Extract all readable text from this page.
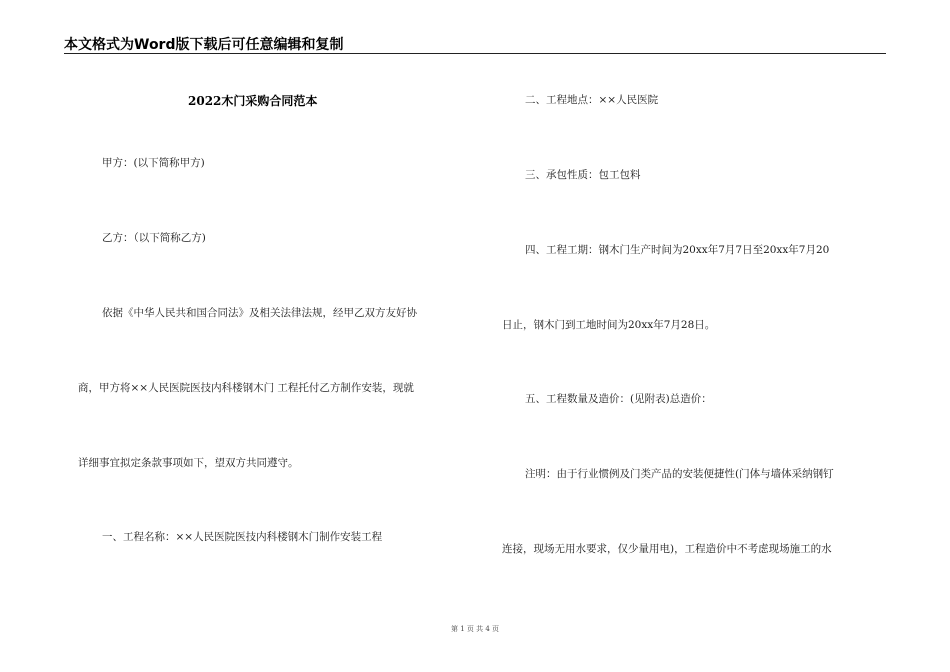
本文格式为Word版下载后可任意编辑和复制
2022木门采购合同范本
甲方：(以下简称甲方)
乙方：（以下简称乙方)
依据《中华人民共和国合同法》及相关法律法规，经甲乙双方友好协
商，甲方将××人民医院医技内科楼钢木门 工程托付乙方制作安装，现就
详细事宜拟定条款事项如下，望双方共同遵守。
一、工程名称：××人民医院医技内科楼钢木门制作安装工程
二、工程地点：××人民医院
三、承包性质：包工包料
四、工程工期：钢木门生产时间为20xx年7月7日至20xx年7月20
日止，钢木门到工地时间为20xx年7月28日。
五、工程数量及造价：(见附表)总造价：
注明：由于行业惯例及门类产品的安装便捷性(门体与墙体采纳钢钉
连接，现场无用水要求，仅少量用电)，工程造价中不考虑现场施工的水
第 1 页 共 4 页
